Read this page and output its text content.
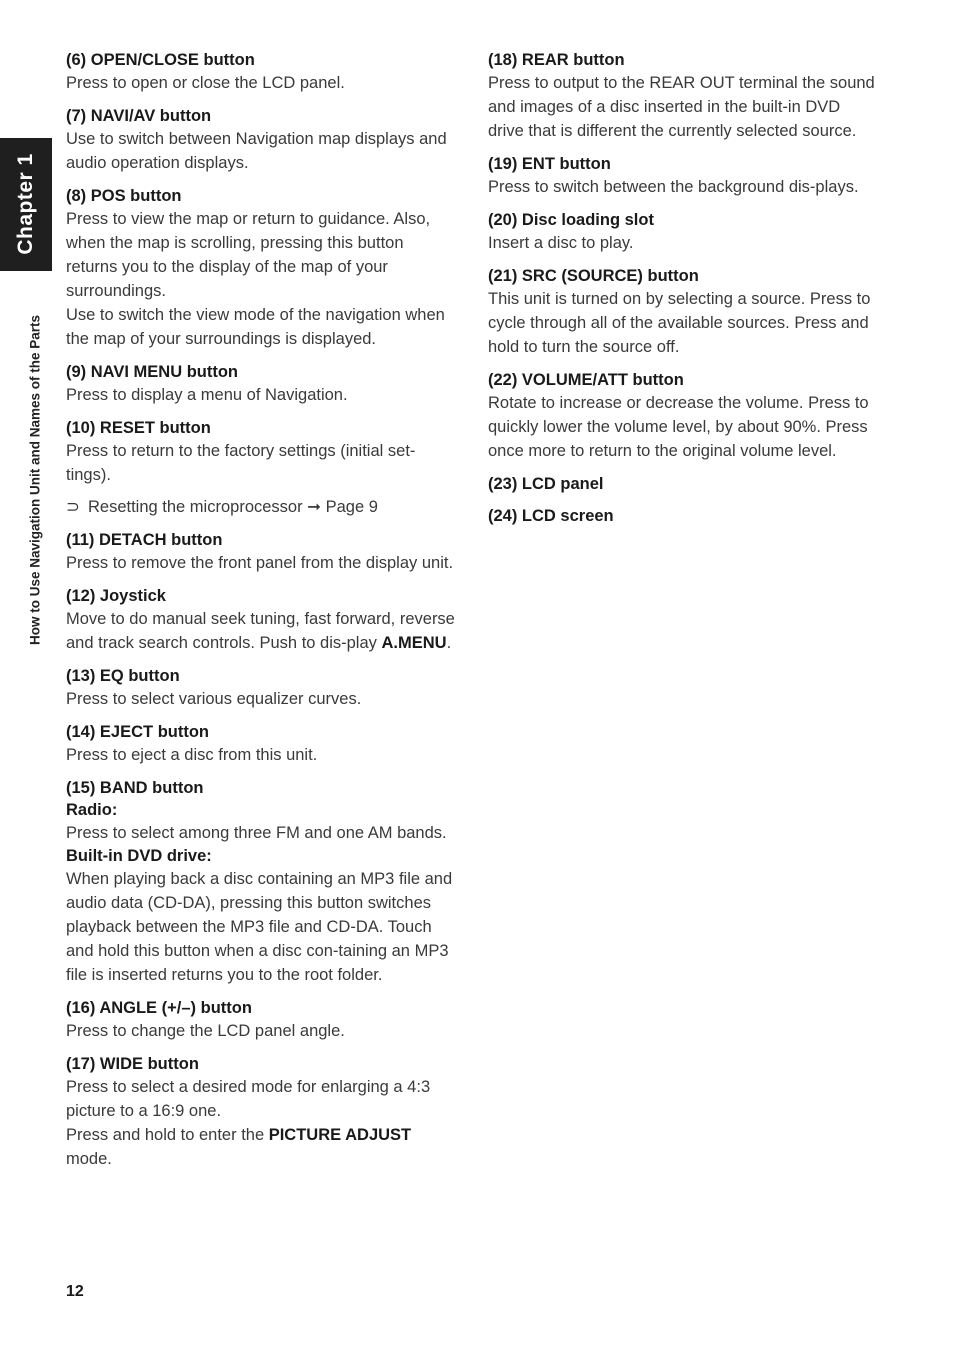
Chapter 1
How to Use Navigation Unit and Names of the Parts
(6) OPEN/CLOSE button
Press to open or close the LCD panel.
(7) NAVI/AV button
Use to switch between Navigation map displays and audio operation displays.
(8) POS button
Press to view the map or return to guidance. Also, when the map is scrolling, pressing this button returns you to the display of the map of your surroundings.
Use to switch the view mode of the navigation when the map of your surroundings is displayed.
(9) NAVI MENU button
Press to display a menu of Navigation.
(10) RESET button
Press to return to the factory settings (initial set-tings).
⊃ Resetting the microprocessor ➞ Page 9
(11) DETACH button
Press to remove the front panel from the display unit.
(12) Joystick
Move to do manual seek tuning, fast forward, reverse and track search controls. Push to dis-play A.MENU.
(13) EQ button
Press to select various equalizer curves.
(14) EJECT button
Press to eject a disc from this unit.
(15) BAND button
Radio:
Press to select among three FM and one AM bands.
Built-in DVD drive:
When playing back a disc containing an MP3 file and audio data (CD-DA), pressing this button switches playback between the MP3 file and CD-DA. Touch and hold this button when a disc con-taining an MP3 file is inserted returns you to the root folder.
(16) ANGLE (+/–) button
Press to change the LCD panel angle.
(17) WIDE button
Press to select a desired mode for enlarging a 4:3 picture to a 16:9 one.
Press and hold to enter the PICTURE ADJUST mode.
(18) REAR button
Press to output to the REAR OUT terminal the sound and images of a disc inserted in the built-in DVD drive that is different the currently selected source.
(19) ENT button
Press to switch between the background dis-plays.
(20) Disc loading slot
Insert a disc to play.
(21) SRC (SOURCE) button
This unit is turned on by selecting a source. Press to cycle through all of the available sources. Press and hold to turn the source off.
(22) VOLUME/ATT button
Rotate to increase or decrease the volume. Press to quickly lower the volume level, by about 90%. Press once more to return to the original volume level.
(23) LCD panel
(24) LCD screen
12
